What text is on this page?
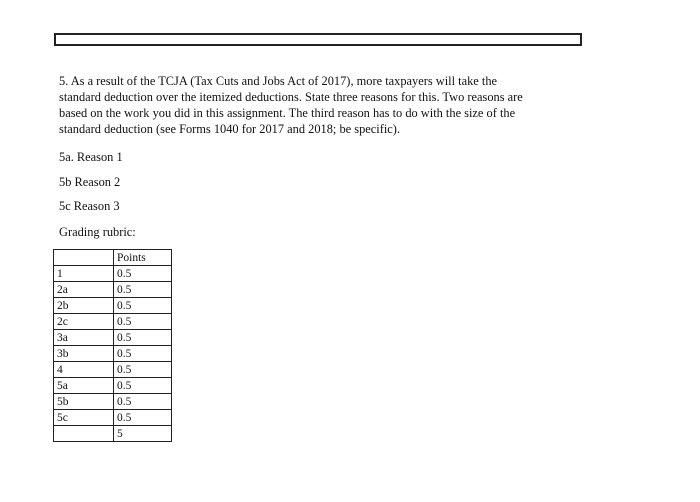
5. As a result of the TCJA (Tax Cuts and Jobs Act of 2017), more taxpayers will take the
standard deduction over the itemized deductions. State three reasons for this. Two reasons are
based on the work you did in this assignment. The third reason has to do with the size of the
standard deduction (see Forms 1040 for 2017 and 2018; be specific).

5a. Reason 1

5b Reason 2

5c Reason 3

Grading rubric:

	Points
1	0.5
2a	0.5
2b	0.5
2c	0.5
3a	0.5
3b	0.5
4	0.5
5a	0.5
5b	0.5
5c	0.5
	5
